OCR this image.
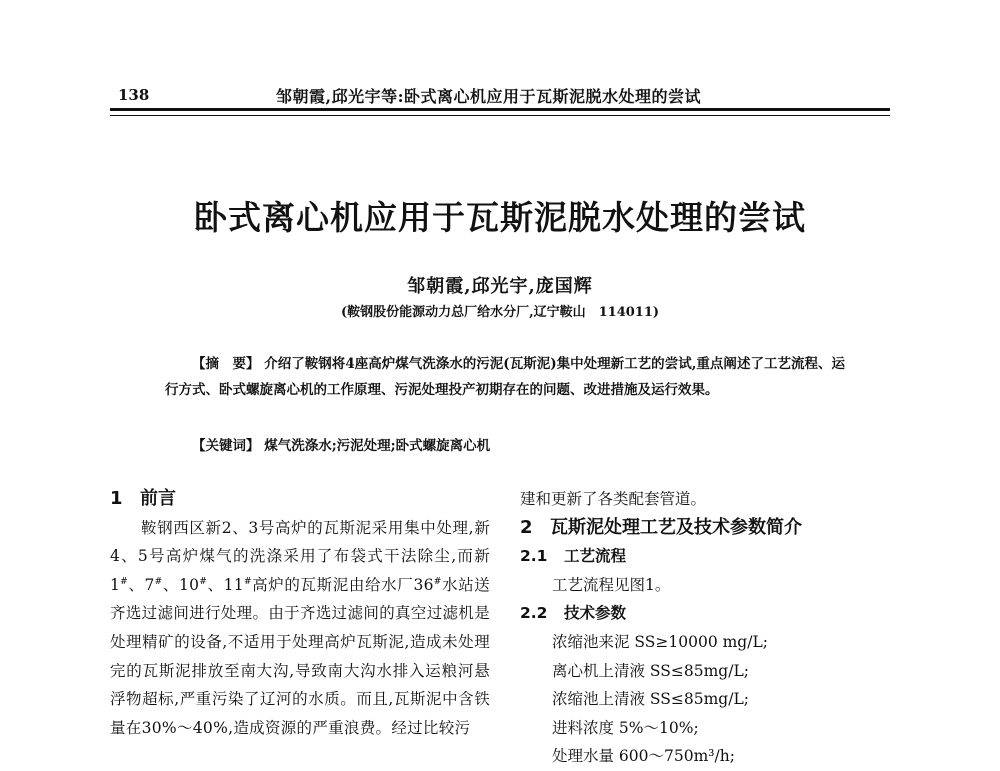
138	邹朝霞,邱光宇等:卧式离心机应用于瓦斯泥脱水处理的尝试
卧式离心机应用于瓦斯泥脱水处理的尝试
邹朝霞,邱光宇,庞国辉
(鞍钢股份能源动力总厂给水分厂,辽宁鞍山　114011)
【摘　要】 介绍了鞍钢将4座高炉煤气洗涤水的污泥(瓦斯泥)集中处理新工艺的尝试,重点阐述了工艺流程、运行方式、卧式螺旋离心机的工作原理、污泥处理投产初期存在的问题、改进措施及运行效果。
【关键词】 煤气洗涤水;污泥处理;卧式螺旋离心机
1 前言
鞍钢西区新2、3号高炉的瓦斯泥采用集中处理,新4、5号高炉煤气的洗涤采用了布袋式干法除尘,而新1#、7#、10#、11#高炉的瓦斯泥由给水厂36#水站送齐选过滤间进行处理。由于齐选过滤间的真空过滤机是处理精矿的设备,不适用于处理高炉瓦斯泥,造成未处理完的瓦斯泥排放至南大沟,导致南大沟水排入运粮河悬浮物超标,严重污染了辽河的水质。而且,瓦斯泥中含铁量在30%～40%,造成资源的严重浪费。经过比较污
建和更新了各类配套管道。
2 瓦斯泥处理工艺及技术参数简介
2.1 工艺流程
工艺流程见图1。
2.2 技术参数
浓缩池来泥 SS≥10000 mg/L;
离心机上清液 SS≤85mg/L;
浓缩池上清液 SS≤85mg/L;
进料浓度 5%～10%;
处理水量 600～750m³/h;
